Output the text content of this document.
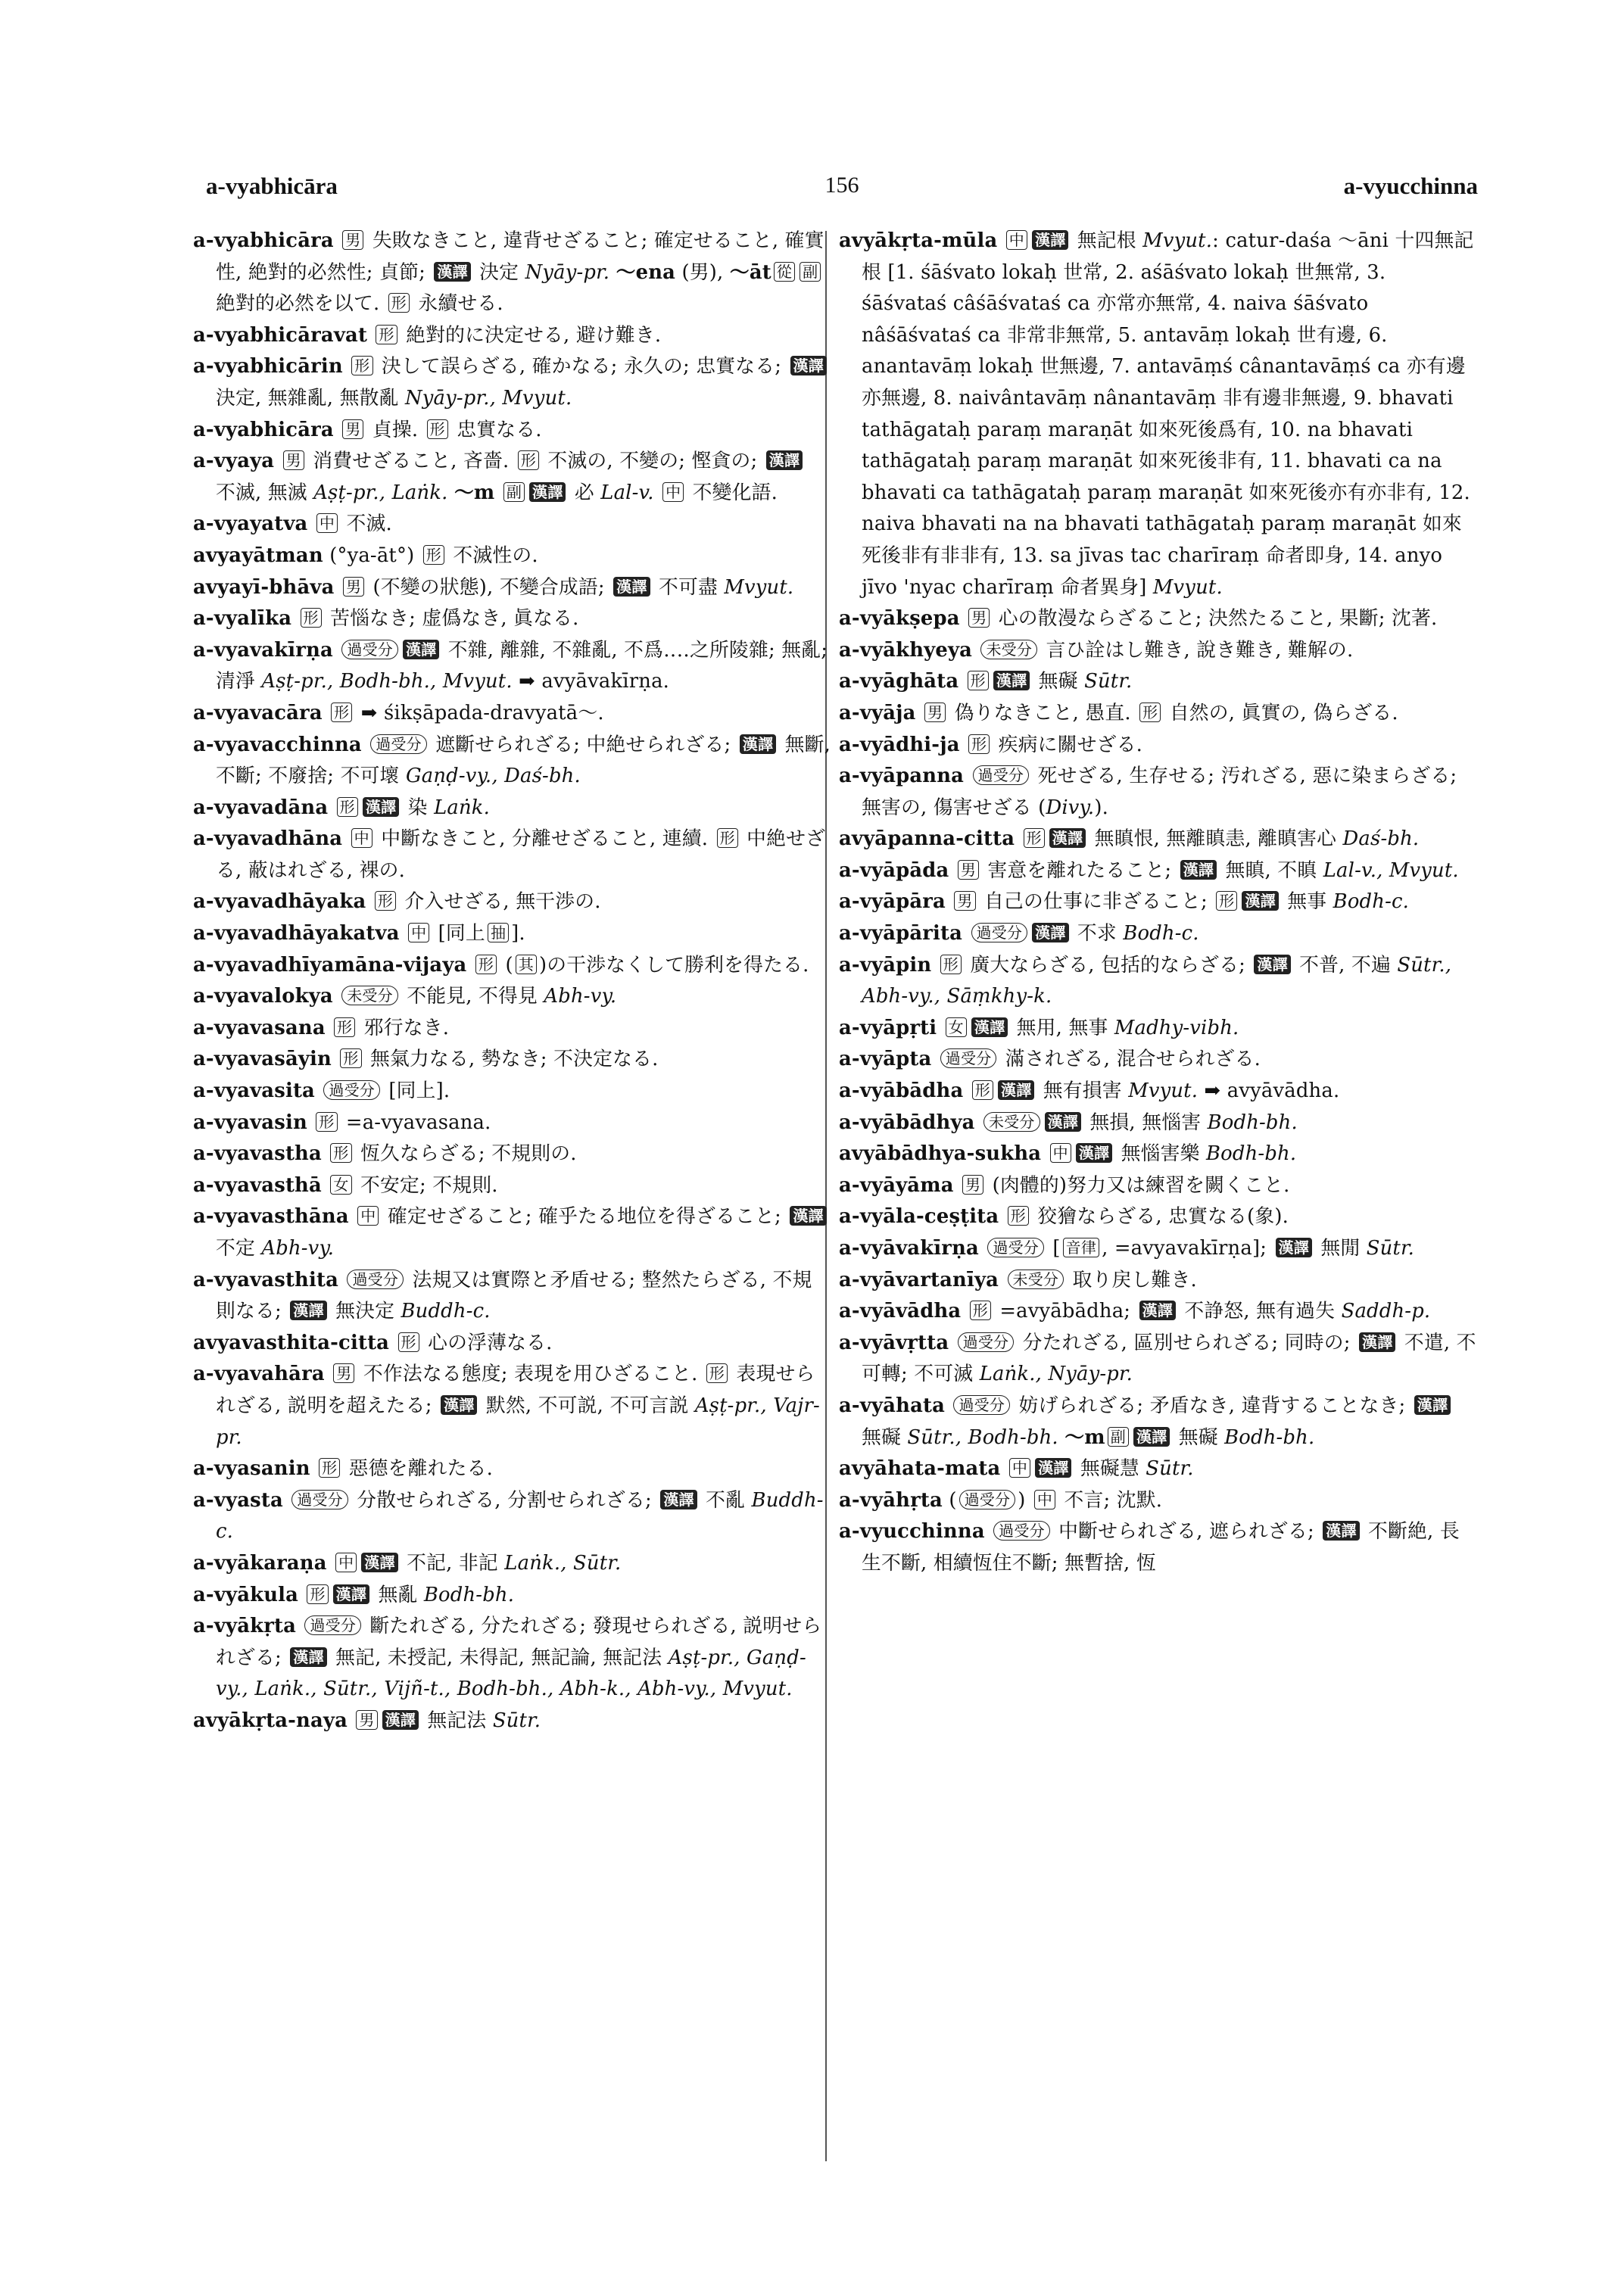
156
a-vyabhicāra	a-vyucchinna

a-vyabhicāra 男 失敗なきこと, 違背せざること; 確定せること, 確實性, 絶對的必然性; 貞節; 漢譯 決定 Nyāy-pr. 〜ena (男), 〜āt 從 副 絶對的必然を以て. 形 永續せる.

a-vyabhicāravat 形 絶對的に決定せる, 避け難き.

a-vyabhicārin 形 決して誤らざる, 確かなる; 永久の; 忠實なる; 漢譯 決定, 無雜亂, 無散亂 Nyāy-pr., Mvyut.

a-vyabhicāra 男 貞操. 形 忠實なる.

a-vyaya 男 消費せざること, 吝嗇. 形 不滅の, 不變の; 慳貪の; 漢譯 不滅, 無滅 Aṣṭ-pr., Laṅk. 〜m 副 漢譯 必 Lal-v. 中 不變化語.

a-vyayatva 中 不滅.

avyayātman (°ya-āt°) 形 不滅性の.

avyayī-bhāva 男 (不變の狀態), 不變合成語; 漢譯 不可盡 Mvyut.

a-vyalīka 形 苦惱なき; 虚僞なき, 眞なる.

a-vyavakīrṇa 過受分 漢譯 不雜, 離雜, 不雜亂, 不爲‥‥之所陵雜; 無亂; 清淨 Aṣṭ-pr., Bodh-bh., Mvyut. ➡ avyāvakīrṇa.

a-vyavacāra 形 ➡ śikṣāpada-dravyatā〜.

a-vyavacchinna 過受分 遮斷せられざる; 中絶せられざる; 漢譯 無斷, 不斷; 不廢捨; 不可壞 Gaṇḍ-vy., Daś-bh.

a-vyavadāna 形 漢譯 染 Laṅk.

a-vyavadhāna 中 中斷なきこと, 分離せざること, 連續. 形 中絶せざる, 蔽はれざる, 裸の.

a-vyavadhāyaka 形 介入せざる, 無干渉の.

a-vyavadhāyakatva 中 [同上 抽 ].

a-vyavadhīyamāna-vijaya 形 ( 其 )の干渉なくして勝利を得たる.

a-vyavalokya 未受分 不能見, 不得見 Abh-vy.

a-vyavasana 形 邪行なき.

a-vyavasāyin 形 無氣力なる, 勢なき; 不決定なる.

a-vyavasita 過受分 [同上].

a-vyavasin 形 =a-vyavasana.

a-vyavastha 形 恆久ならざる; 不規則の.

a-vyavasthā 女 不安定; 不規則.

a-vyavasthāna 中 確定せざること; 確乎たる地位を得ざること; 漢譯 不定 Abh-vy.

a-vyavasthita 過受分 法規又は實際と矛盾せる; 整然たらざる, 不規則なる; 漢譯 無決定 Buddh-c.

avyavasthita-citta 形 心の浮薄なる.

a-vyavahāra 男 不作法なる態度; 表現を用ひざること. 形 表現せられざる, 説明を超えたる; 漢譯 默然, 不可説, 不可言説 Aṣṭ-pr., Vajr-pr.

a-vyasanin 形 惡德を離れたる.

a-vyasta 過受分 分散せられざる, 分割せられざる; 漢譯 不亂 Buddh-c.

a-vyākaraṇa 中 漢譯 不記, 非記 Laṅk., Sūtr.

a-vyākula 形 漢譯 無亂 Bodh-bh.

a-vyākṛta 過受分 斷たれざる, 分たれざる; 發現せられざる, 説明せられざる; 漢譯 無記, 未授記, 未得記, 無記論, 無記法 Aṣṭ-pr., Gaṇḍ-vy., Laṅk., Sūtr., Vijñ-t., Bodh-bh., Abh-k., Abh-vy., Mvyut.

avyākṛta-naya 男 漢譯 無記法 Sūtr.

avyākṛta-mūla 中 漢譯 無記根 Mvyut.: catur-daśa 〜āni 十四無記根 [1. śāśvato lokaḥ 世常, 2. aśāśvato lokaḥ 世無常, 3. śāśvataś câśāśvataś ca 亦常亦無常, 4. naiva śāśvato nâśāśvataś ca 非常非無常, 5. antavāṃ lokaḥ 世有邊, 6. anantavāṃ lokaḥ 世無邊, 7. antavāṃś cânantavāṃś ca 亦有邊亦無邊, 8. naivântavāṃ nânantavāṃ 非有邊非無邊, 9. bhavati tathāgataḥ paraṃ maraṇāt 如來死後爲有, 10. na bhavati tathāgataḥ paraṃ maraṇāt 如來死後非有, 11. bhavati ca na bhavati ca tathāgataḥ paraṃ maraṇāt 如來死後亦有亦非有, 12. naiva bhavati na na bhavati tathāgataḥ paraṃ maraṇāt 如來死後非有非非有, 13. sa jīvas tac charīraṃ 命者即身, 14. anyo jīvo 'nyac charīraṃ 命者異身] Mvyut.

a-vyākṣepa 男 心の散漫ならざること; 決然たること, 果斷; 沈著.

a-vyākhyeya 未受分 言ひ詮はし難き, 說き難き, 難解の.

a-vyāghāta 形 漢譯 無礙 Sūtr.

a-vyāja 男 偽りなきこと, 愚直. 形 自然の, 眞實の, 偽らざる.

a-vyādhi-ja 形 疾病に關せざる.

a-vyāpanna 過受分 死せざる, 生存せる; 汚れざる, 惡に染まらざる; 無害の, 傷害せざる (Divy.).

avyāpanna-citta 形 漢譯 無瞋恨, 無離瞋恚, 離瞋害心 Daś-bh.

a-vyāpāda 男 害意を離れたること; 漢譯 無瞋, 不瞋 Lal-v., Mvyut.

a-vyāpāra 男 自己の仕事に非ざること; 形 漢譯 無事 Bodh-c.

a-vyāpārita 過受分 漢譯 不求 Bodh-c.

a-vyāpin 形 廣大ならざる, 包括的ならざる; 漢譯 不普, 不遍 Sūtr., Abh-vy., Sāṃkhy-k.

a-vyāpṛti 女 漢譯 無用, 無事 Madhy-vibh.

a-vyāpta 過受分 滿されざる, 混合せられざる.

a-vyābādha 形 漢譯 無有損害 Mvyut. ➡ avyāvādha.

a-vyābādhya 未受分 漢譯 無損, 無惱害 Bodh-bh.

avyābādhya-sukha 中 漢譯 無惱害樂 Bodh-bh.

a-vyāyāma 男 (肉體的)努力又は練習を闕くこと.

a-vyāla-ceṣṭita 形 狡獪ならざる, 忠實なる(象).

a-vyāvakīrṇa 過受分 [ 音律 , =avyavakīrṇa]; 漢譯 無閒 Sūtr.

a-vyāvartanīya 未受分 取り戻し難き.

a-vyāvādha 形 =avyābādha; 漢譯 不諍怒, 無有過失 Saddh-p.

a-vyāvṛtta 過受分 分たれざる, 區別せられざる; 同時の; 漢譯 不遣, 不可轉; 不可滅 Laṅk., Nyāy-pr.

a-vyāhata 過受分 妨げられざる; 矛盾なき, 違背することなき; 漢譯 無礙 Sūtr., Bodh-bh. 〜m 副 漢譯 無礙 Bodh-bh.

avyāhata-mata 中 漢譯 無礙慧 Sūtr.

a-vyāhṛta ( 過受分 ) 中 不言; 沈默.

a-vyucchinna 過受分 中斷せられざる, 遮られざる; 漢譯 不斷絶, 長生不斷, 相續恆住不斷; 無暫捨, 恆
